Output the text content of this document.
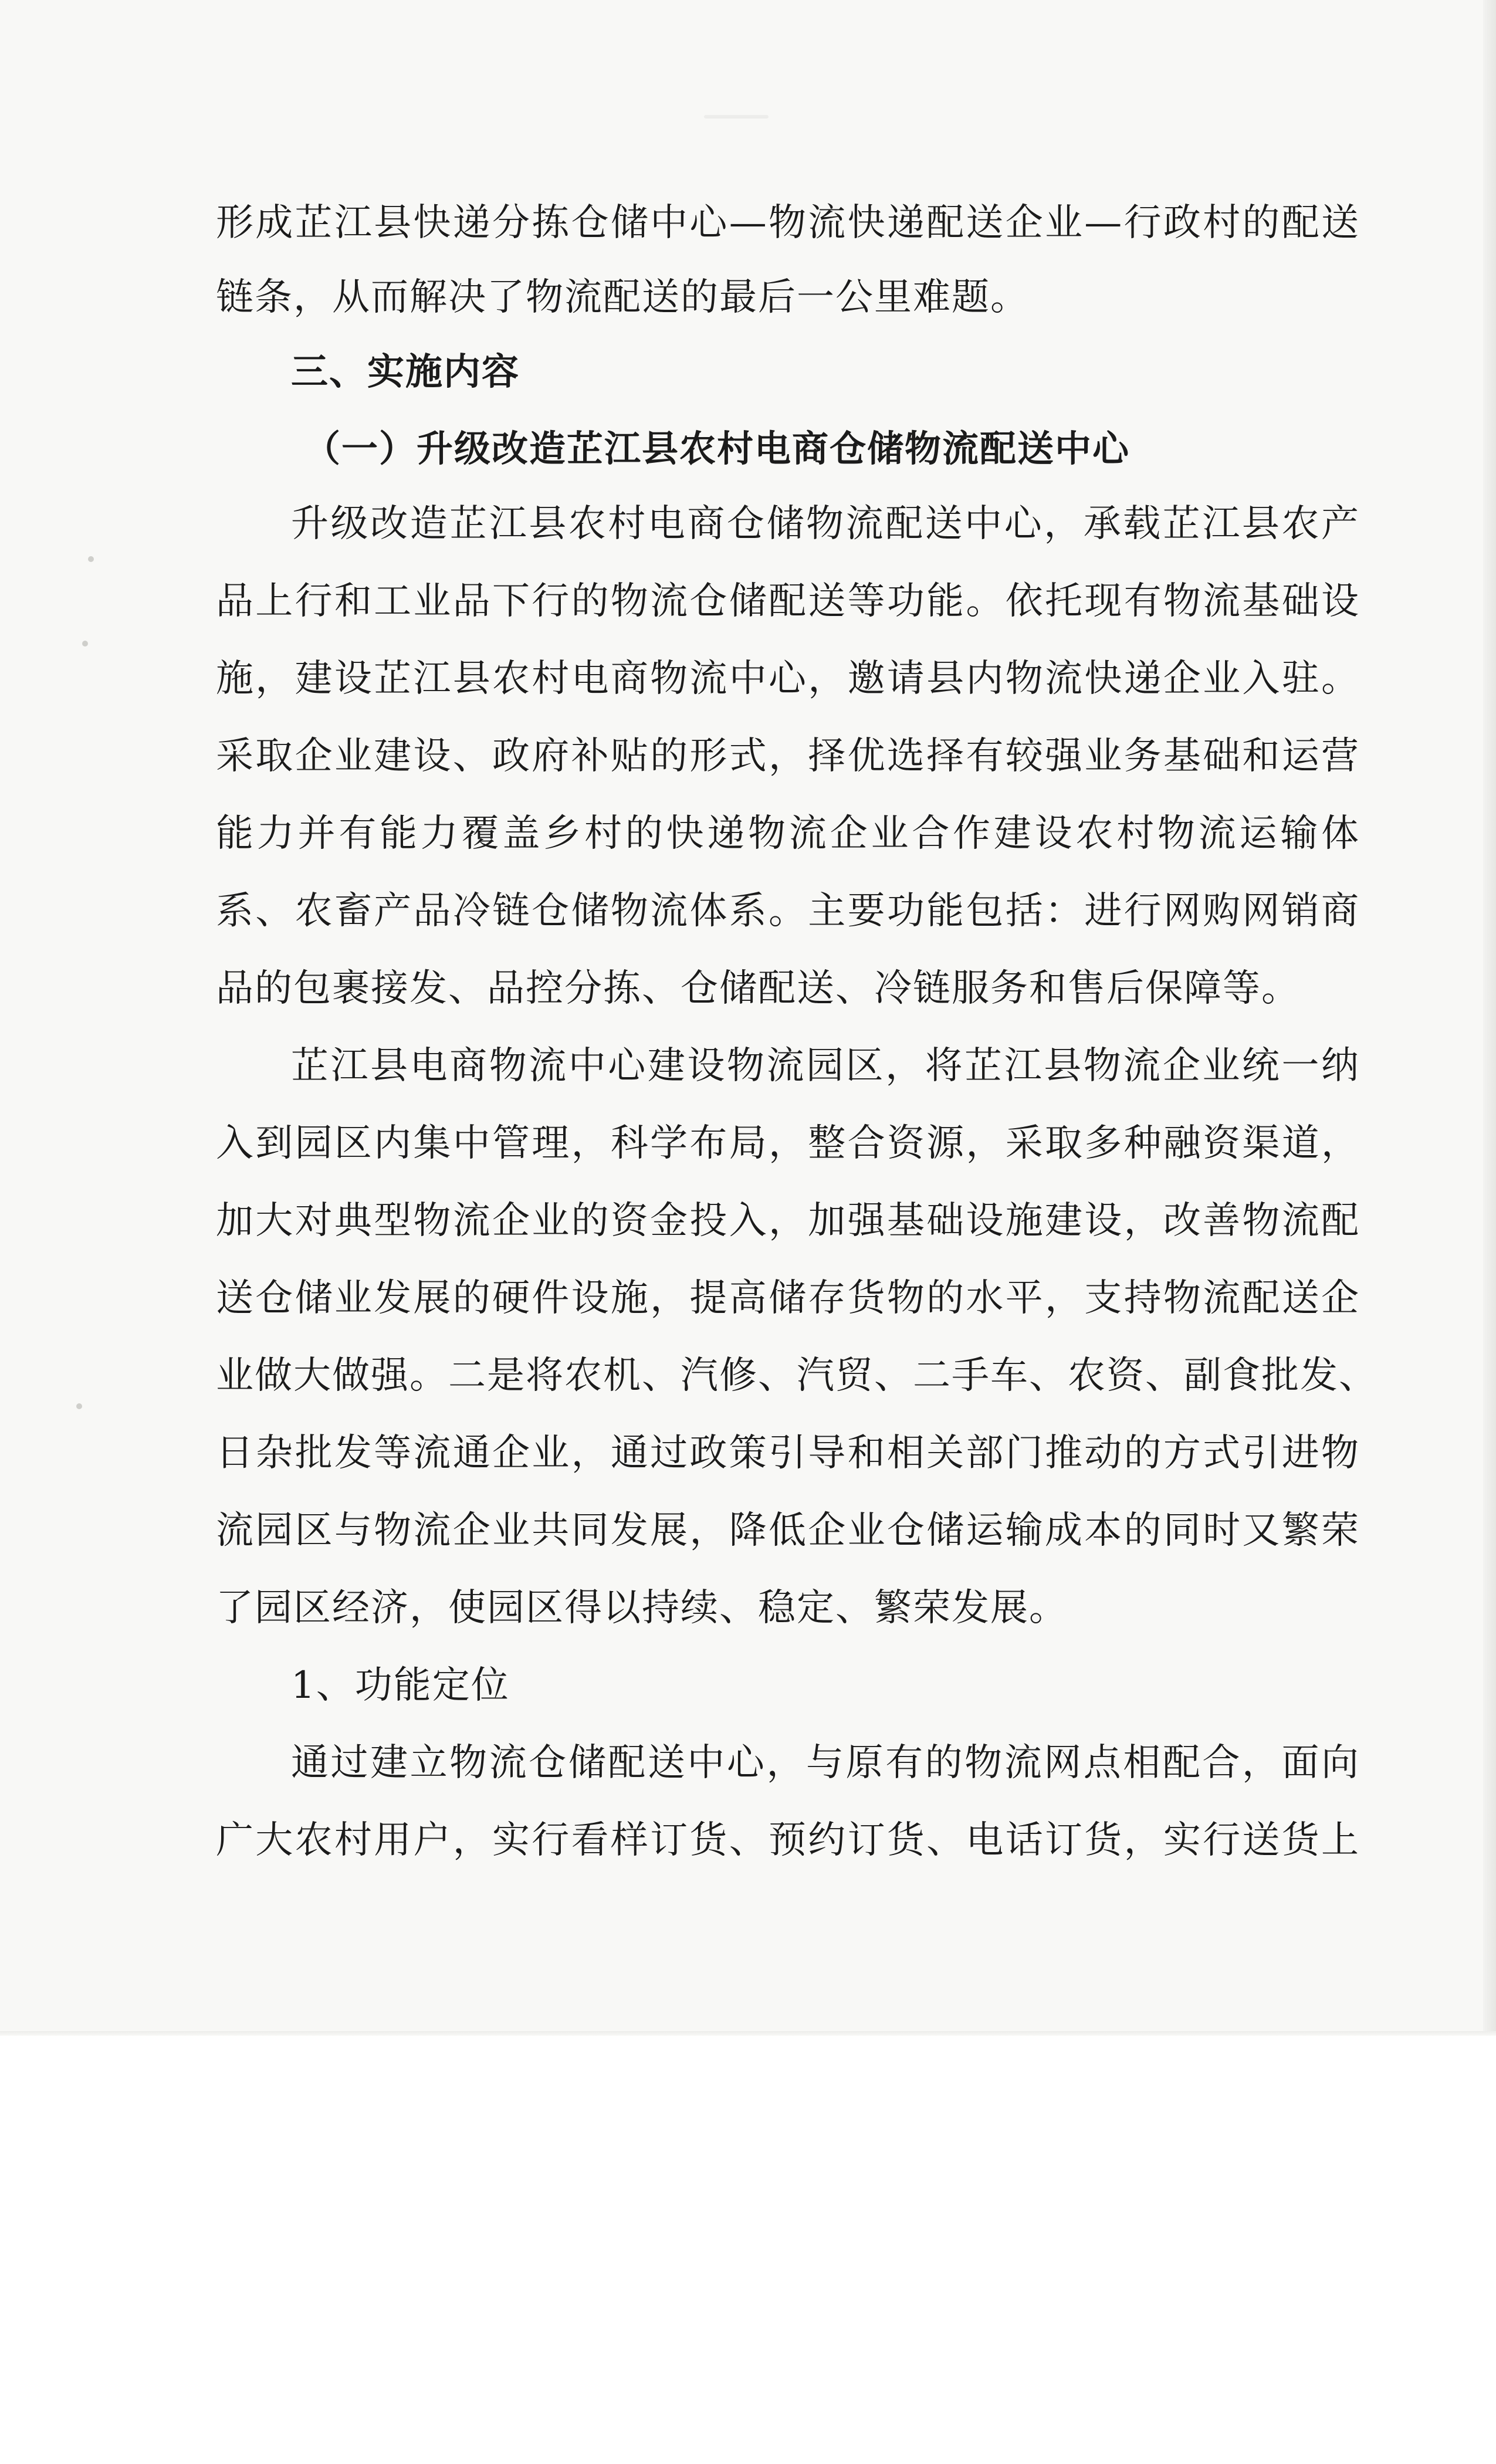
形成芷江县快递分拣仓储中心—物流快递配送企业—行政村的配送
链条，从而解决了物流配送的最后一公里难题。
三、实施内容
（一）升级改造芷江县农村电商仓储物流配送中心
升级改造芷江县农村电商仓储物流配送中心，承载芷江县农产
品上行和工业品下行的物流仓储配送等功能。依托现有物流基础设
施，建设芷江县农村电商物流中心，邀请县内物流快递企业入驻。
采取企业建设、政府补贴的形式，择优选择有较强业务基础和运营
能力并有能力覆盖乡村的快递物流企业合作建设农村物流运输体
系、农畜产品冷链仓储物流体系。主要功能包括：进行网购网销商
品的包裹接发、品控分拣、仓储配送、冷链服务和售后保障等。
芷江县电商物流中心建设物流园区，将芷江县物流企业统一纳
入到园区内集中管理，科学布局，整合资源，采取多种融资渠道，
加大对典型物流企业的资金投入，加强基础设施建设，改善物流配
送仓储业发展的硬件设施，提高储存货物的水平，支持物流配送企
业做大做强。二是将农机、汽修、汽贸、二手车、农资、副食批发、
日杂批发等流通企业，通过政策引导和相关部门推动的方式引进物
流园区与物流企业共同发展，降低企业仓储运输成本的同时又繁荣
了园区经济，使园区得以持续、稳定、繁荣发展。
1、功能定位
通过建立物流仓储配送中心，与原有的物流网点相配合，面向
广大农村用户，实行看样订货、预约订货、电话订货，实行送货上
